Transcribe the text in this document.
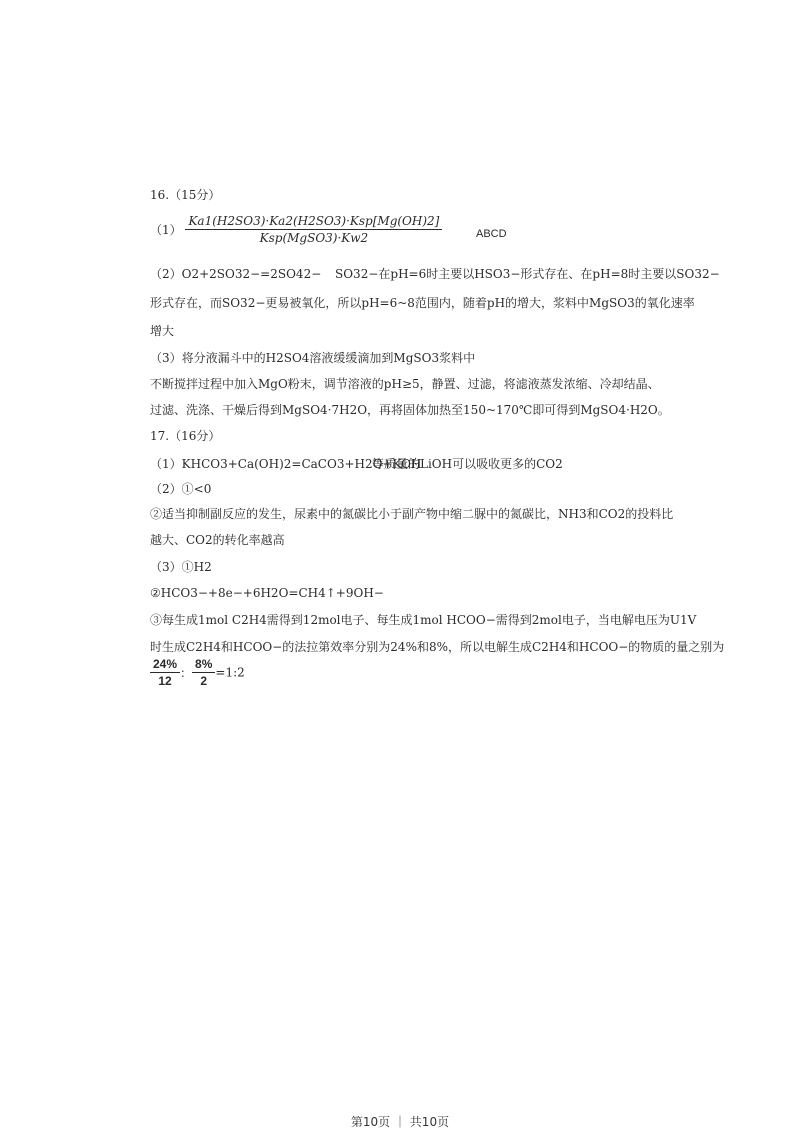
16.（15分）
$(1) \frac{\text{Ka1(H2SO3)·Ka2(H2SO3)·Ksp[Mg(OH)2]}}{\text{Ksp(MgSO3)·Kw2}}$	ABCD
（2）O2+2SO32−=2SO42− SO32−在pH=6时主要以HSO3−形式存在、在pH=8时主要以SO32−
形式存在，而SO32−更易被氧化，所以pH=6~8范围内，随着pH的增大，浆料中MgSO3的氧化速率
增大
（3）将分液漏斗中的H2SO4溶液缓缓滴加到MgSO3浆料中
不断搅拌过程中加入MgO粉末，调节溶液的pH≥5，静置、过滤，将滤液蒸发浓缩、冷却结晶、
过滤、洗涤、干燥后得到MgSO4·7H2O，再将固体加热至150~170℃即可得到MgSO4·H2O。
17.（16分）
（1）KHCO3+Ca(OH)2=CaCO3+H2O+KOH
等质量的LiOH可以吸收更多的CO2
（2）①<0
②适当抑制副反应的发生，尿素中的氮碳比小于副产物中缩二脲中的氮碳比，NH3和CO2的投料比
越大、CO2的转化率越高
（3）①H2
②HCO3−+8e−+6H2O=CH4↑+9OH−
③每生成1mol C2H4需得到12mol电子、每生成1mol HCOO−需得到2mol电子，当电解电压为U1V
时生成C2H4和HCOO−的法拉第效率分别为24%和8%，所以电解生成C2H4和HCOO−的物质的量之别为
$\frac{24\%}{12}$ ： $\frac{8\%}{2}$ =1:2
第10页 ｜ 共10页
